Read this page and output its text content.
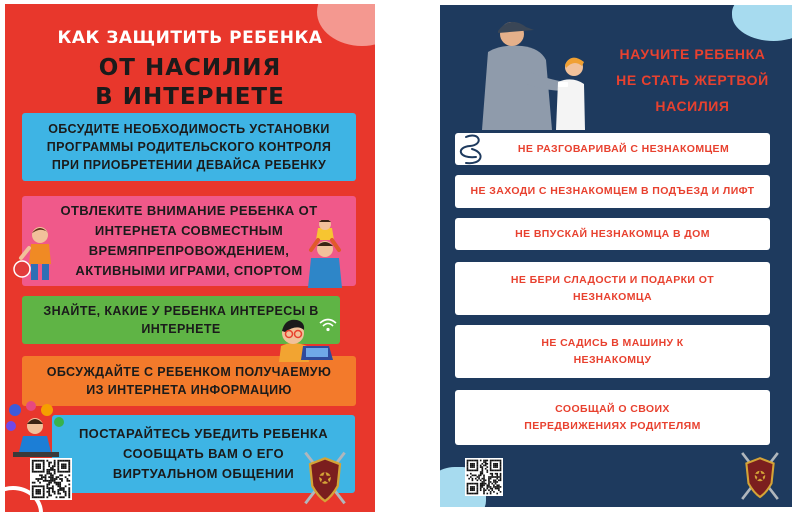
КАК ЗАЩИТИТЬ РЕБЕНКА
ОТ НАСИЛИЯ
В ИНТЕРНЕТЕ
ОБСУДИТЕ НЕОБХОДИМОСТЬ УСТАНОВКИ
ПРОГРАММЫ РОДИТЕЛЬСКОГО КОНТРОЛЯ
ПРИ ПРИОБРЕТЕНИИ ДЕВАЙСА РЕБЕНКУ
ОТВЛЕКИТЕ ВНИМАНИЕ РЕБЕНКА ОТ
ИНТЕРНЕТА СОВМЕСТНЫМ
ВРЕМЯПРЕПРОВОЖДЕНИЕМ,
АКТИВНЫМИ ИГРАМИ, СПОРТОМ
ЗНАЙТЕ, КАКИЕ У РЕБЕНКА ИНТЕРЕСЫ В
ИНТЕРНЕТЕ
ОБСУЖДАЙТЕ С РЕБЕНКОМ ПОЛУЧАЕМУЮ
ИЗ ИНТЕРНЕТА ИНФОРМАЦИЮ
ПОСТАРАЙТЕСЬ УБЕДИТЬ РЕБЕНКА
СООБЩАТЬ ВАМ О ЕГО
ВИРТУАЛЬНОМ ОБЩЕНИИ
НАУЧИТЕ РЕБЕНКА
НЕ СТАТЬ ЖЕРТВОЙ
НАСИЛИЯ
НЕ РАЗГОВАРИВАЙ С НЕЗНАКОМЦЕМ
НЕ ЗАХОДИ С НЕЗНАКОМЦЕМ В ПОДЪЕЗД И ЛИФТ
НЕ ВПУСКАЙ НЕЗНАКОМЦА В ДОМ
НЕ БЕРИ СЛАДОСТИ И ПОДАРКИ ОТ
НЕЗНАКОМЦА
НЕ САДИСЬ В МАШИНУ К
НЕЗНАКОМЦУ
СООБЩАЙ О СВОИХ
ПЕРЕДВИЖЕНИЯХ РОДИТЕЛЯМ
